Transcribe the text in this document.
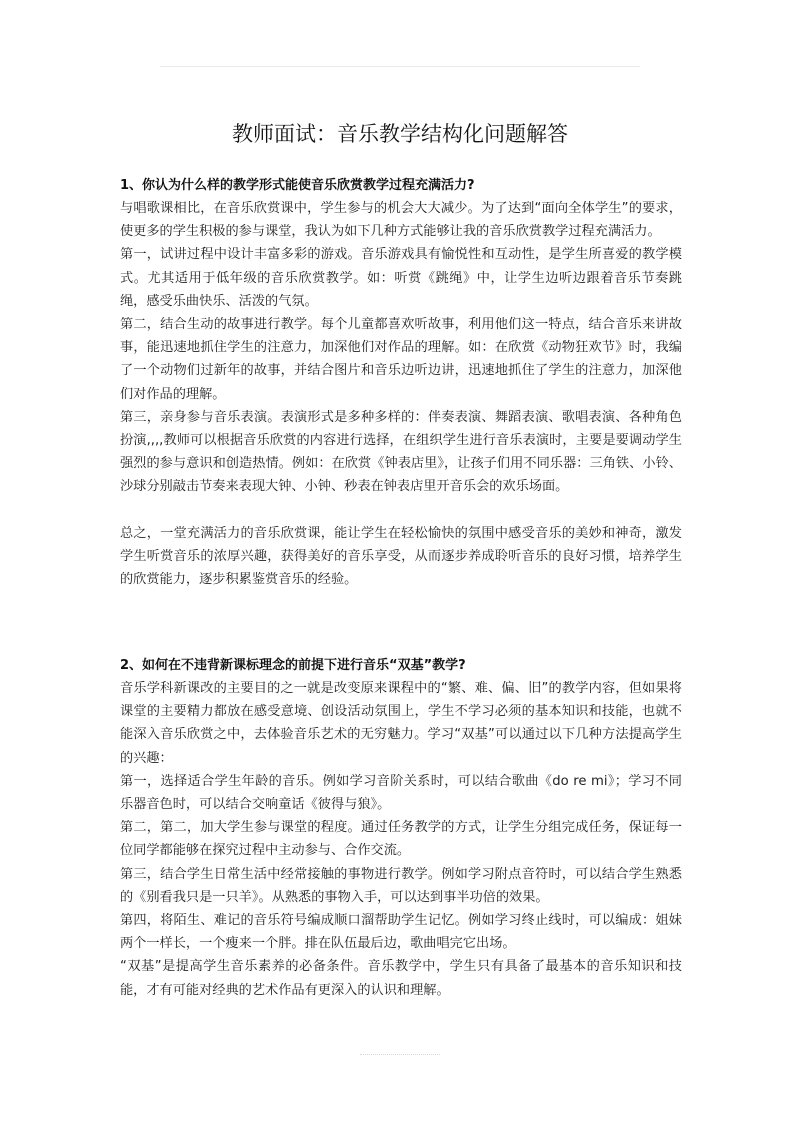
教师面试：音乐教学结构化问题解答

1、你认为什么样的教学形式能使音乐欣赏教学过程充满活力?

与唱歌课相比，在音乐欣赏课中，学生参与的机会大大减少。为了达到“面向全体学生”的要求，使更多的学生积极的参与课堂，我认为如下几种方式能够让我的音乐欣赏教学过程充满活力。

第一，试讲过程中设计丰富多彩的游戏。音乐游戏具有愉悦性和互动性，是学生所喜爱的教学模式。尤其适用于低年级的音乐欣赏教学。如：听赏《跳绳》中，让学生边听边跟着音乐节奏跳绳，感受乐曲快乐、活泼的气氛。

第二，结合生动的故事进行教学。每个儿童都喜欢听故事，利用他们这一特点，结合音乐来讲故事，能迅速地抓住学生的注意力，加深他们对作品的理解。如：在欣赏《动物狂欢节》时，我编了一个动物们过新年的故事，并结合图片和音乐边听边讲，迅速地抓住了学生的注意力，加深他们对作品的理解。

第三，亲身参与音乐表演。表演形式是多种多样的：伴奏表演、舞蹈表演、歌唱表演、各种角色扮演,,,,教师可以根据音乐欣赏的内容进行选择，在组织学生进行音乐表演时，主要是要调动学生强烈的参与意识和创造热情。例如：在欣赏《钟表店里》，让孩子们用不同乐器：三角铁、小铃、沙球分别敲击节奏来表现大钟、小钟、秒表在钟表店里开音乐会的欢乐场面。

总之，一堂充满活力的音乐欣赏课，能让学生在轻松愉快的氛围中感受音乐的美妙和神奇，激发学生听赏音乐的浓厚兴趣，获得美好的音乐享受，从而逐步养成聆听音乐的良好习惯，培养学生的欣赏能力，逐步积累鉴赏音乐的经验。

2、如何在不违背新课标理念的前提下进行音乐“双基”教学?

音乐学科新课改的主要目的之一就是改变原来课程中的“繁、难、偏、旧”的教学内容，但如果将课堂的主要精力都放在感受意境、创设活动氛围上，学生不学习必须的基本知识和技能，也就不能深入音乐欣赏之中，去体验音乐艺术的无穷魅力。学习“双基”可以通过以下几种方法提高学生的兴趣：

第一，选择适合学生年龄的音乐。例如学习音阶关系时，可以结合歌曲《do re mi》；学习不同乐器音色时，可以结合交响童话《彼得与狼》。

第二，第二，加大学生参与课堂的程度。通过任务教学的方式，让学生分组完成任务，保证每一位同学都能够在探究过程中主动参与、合作交流。

第三，结合学生日常生活中经常接触的事物进行教学。例如学习附点音符时，可以结合学生熟悉的《别看我只是一只羊》。从熟悉的事物入手，可以达到事半功倍的效果。

第四，将陌生、难记的音乐符号编成顺口溜帮助学生记忆。例如学习终止线时，可以编成：姐妹两个一样长，一个瘦来一个胖。排在队伍最后边，歌曲唱完它出场。

“双基”是提高学生音乐素养的必备条件。音乐教学中，学生只有具备了最基本的音乐知识和技能，才有可能对经典的艺术作品有更深入的认识和理解。
